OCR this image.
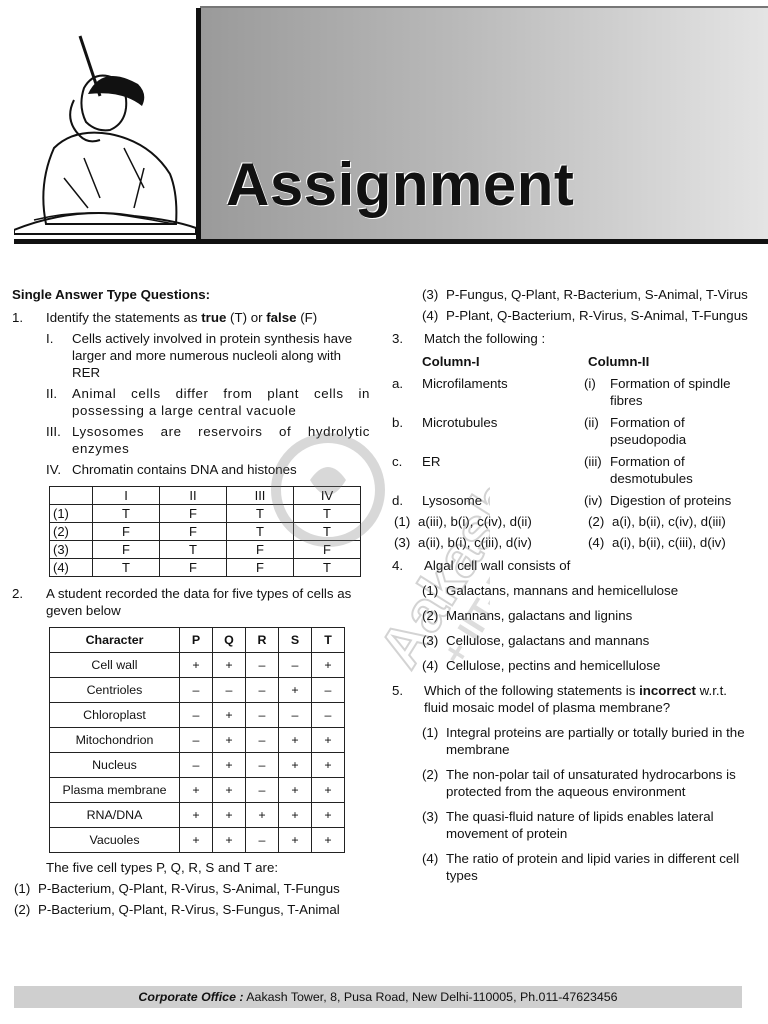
Assignment
Single Answer Type Questions:
1.	Identify the statements as true (T) or false (F)
I.	Cells actively involved in protein synthesis have larger and more numerous nucleoli along with RER
II.	Animal cells differ from plant cells in possessing a large central vacuole
III. Lysosomes are reservoirs of hydrolytic enzymes
IV. Chromatin contains DNA and histones
	I	II	III	IV
(1)	T	F	T	T
(2)	F	F	T	T
(3)	F	T	F	F
(4)	T	F	F	T
2.	A student recorded the data for five types of cells as geven below
Character	P	Q	R	S	T
Cell wall	+	+	–	–	+
Centrioles	–	–	–	+	–
Chloroplast	–	+	–	–	–
Mitochondrion	–	+	–	+	+
Nucleus	–	+	–	+	+
Plasma membrane	+	+	–	+	+
RNA/DNA	+	+	+	+	+
Vacuoles	+	+	–	+	+
The five cell types P, Q, R, S and T are:
(1) P-Bacterium, Q-Plant, R-Virus, S-Animal, T-Fungus
(2) P-Bacterium, Q-Plant, R-Virus, S-Fungus, T-Animal
(3) P-Fungus, Q-Plant, R-Bacterium, S-Animal, T-Virus
(4) P-Plant, Q-Bacterium, R-Virus, S-Animal, T-Fungus
3.	Match the following :
Column-I	Column-II
a.	Microfilaments	(i)	Formation of spindle fibres
b.	Microtubules	(ii) Formation of pseudopodia
c.	ER	(iii) Formation of desmotubules
d.	Lysosome	(iv) Digestion of proteins
(1) a(iii), b(i), c(iv), d(ii)	(2) a(i), b(ii), c(iv), d(iii)
(3) a(ii), b(i), c(iii), d(iv)	(4) a(i), b(ii), c(iii), d(iv)
4.	Algal cell wall consists of
(1) Galactans, mannans and hemicellulose
(2) Mannans, galactans and lignins
(3) Cellulose, galactans and mannans
(4) Cellulose, pectins and hemicellulose
5.	Which of the following statements is incorrect w.r.t. fluid mosaic model of plasma membrane?
(1) Integral proteins are partially or totally buried in the membrane
(2) The non-polar tail of unsaturated hydrocarbons is protected from the aqueous environment
(3) The quasi-fluid nature of lipids enables lateral movement of protein
(4) The ratio of protein and lipid varies in different cell types
Aakash
+ IIT-JEE
Corporate Office : Aakash Tower, 8, Pusa Road, New Delhi-110005, Ph.011-47623456
